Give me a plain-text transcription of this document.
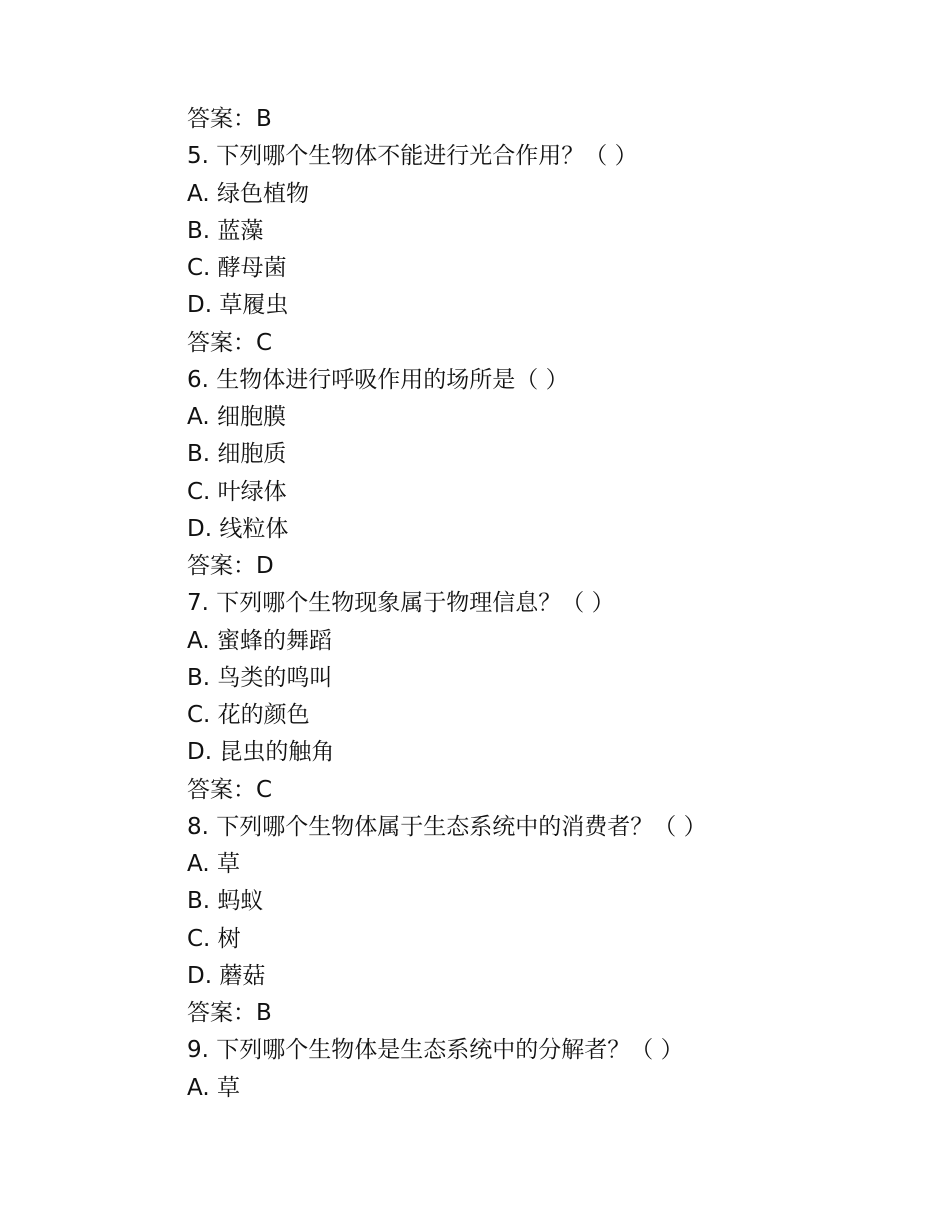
答案：B
5. 下列哪个生物体不能进行光合作用？（ ）
A. 绿色植物
B. 蓝藻
C. 酵母菌
D. 草履虫
答案：C
6. 生物体进行呼吸作用的场所是（ ）
A. 细胞膜
B. 细胞质
C. 叶绿体
D. 线粒体
答案：D
7. 下列哪个生物现象属于物理信息？（ ）
A. 蜜蜂的舞蹈
B. 鸟类的鸣叫
C. 花的颜色
D. 昆虫的触角
答案：C
8. 下列哪个生物体属于生态系统中的消费者？（ ）
A. 草
B. 蚂蚁
C. 树
D. 蘑菇
答案：B
9. 下列哪个生物体是生态系统中的分解者？（ ）
A. 草
